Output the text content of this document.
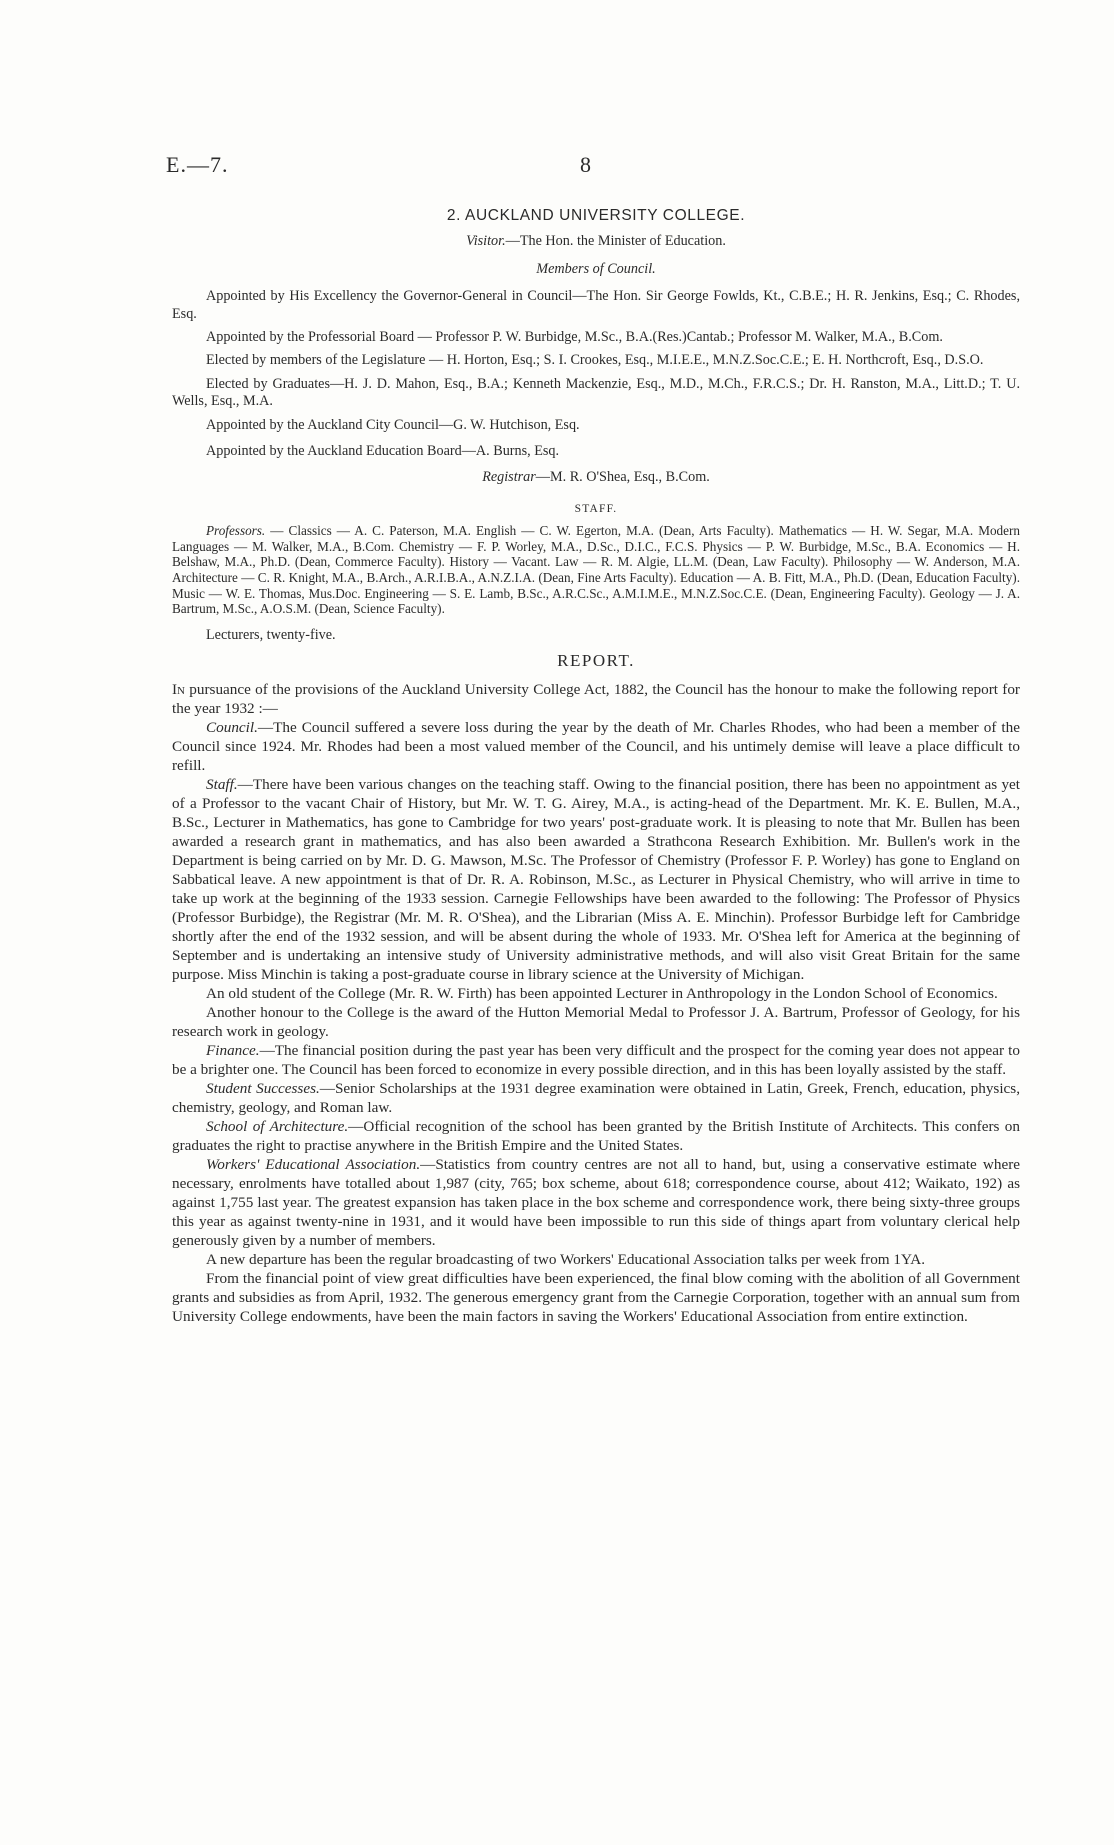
E.—7.	8
2. AUCKLAND UNIVERSITY COLLEGE.
Visitor.—The Hon. the Minister of Education.
Members of Council.

Appointed by His Excellency the Governor-General in Council—The Hon. Sir George Fowlds, Kt., C.B.E.; H. R. Jenkins, Esq.; C. Rhodes, Esq.

Appointed by the Professorial Board — Professor P. W. Burbidge, M.Sc., B.A.(Res.)Cantab.; Professor M. Walker, M.A., B.Com.

Elected by members of the Legislature — H. Horton, Esq.; S. I. Crookes, Esq., M.I.E.E., M.N.Z.Soc.C.E.; E. H. Northcroft, Esq., D.S.O.

Elected by Graduates—H. J. D. Mahon, Esq., B.A.; Kenneth Mackenzie, Esq., M.D., M.Ch., F.R.C.S.; Dr. H. Ranston, M.A., Litt.D.; T. U. Wells, Esq., M.A.

Appointed by the Auckland City Council—G. W. Hutchison, Esq.

Appointed by the Auckland Education Board—A. Burns, Esq.

Registrar—M. R. O'Shea, Esq., B.Com.
STAFF.

Professors. — Classics — A. C. Paterson, M.A. English — C. W. Egerton, M.A. (Dean, Arts Faculty). Mathematics — H. W. Segar, M.A. Modern Languages — M. Walker, M.A., B.Com. Chemistry — F. P. Worley, M.A., D.Sc., D.I.C., F.C.S. Physics — P. W. Burbidge, M.Sc., B.A. Economics — H. Belshaw, M.A., Ph.D. (Dean, Commerce Faculty). History — Vacant. Law — R. M. Algie, LL.M. (Dean, Law Faculty). Philosophy — W. Anderson, M.A. Architecture — C. R. Knight, M.A., B.Arch., A.R.I.B.A., A.N.Z.I.A. (Dean, Fine Arts Faculty). Education — A. B. Fitt, M.A., Ph.D. (Dean, Education Faculty). Music — W. E. Thomas, Mus.Doc. Engineering — S. E. Lamb, B.Sc., A.R.C.Sc., A.M.I.M.E., M.N.Z.Soc.C.E. (Dean, Engineering Faculty). Geology — J. A. Bartrum, M.Sc., A.O.S.M. (Dean, Science Faculty).

Lecturers, twenty-five.

REPORT.

In pursuance of the provisions of the Auckland University College Act, 1882, the Council has the honour to make the following report for the year 1932 :—

Council.—The Council suffered a severe loss during the year by the death of Mr. Charles Rhodes, who had been a member of the Council since 1924. Mr. Rhodes had been a most valued member of the Council, and his untimely demise will leave a place difficult to refill.

Staff.—There have been various changes on the teaching staff. Owing to the financial position, there has been no appointment as yet of a Professor to the vacant Chair of History, but Mr. W. T. G. Airey, M.A., is acting-head of the Department. Mr. K. E. Bullen, M.A., B.Sc., Lecturer in Mathematics, has gone to Cambridge for two years' post-graduate work. It is pleasing to note that Mr. Bullen has been awarded a research grant in mathematics, and has also been awarded a Strathcona Research Exhibition. Mr. Bullen's work in the Department is being carried on by Mr. D. G. Mawson, M.Sc. The Professor of Chemistry (Professor F. P. Worley) has gone to England on Sabbatical leave. A new appointment is that of Dr. R. A. Robinson, M.Sc., as Lecturer in Physical Chemistry, who will arrive in time to take up work at the beginning of the 1933 session. Carnegie Fellowships have been awarded to the following: The Professor of Physics (Professor Burbidge), the Registrar (Mr. M. R. O'Shea), and the Librarian (Miss A. E. Minchin). Professor Burbidge left for Cambridge shortly after the end of the 1932 session, and will be absent during the whole of 1933. Mr. O'Shea left for America at the beginning of September and is undertaking an intensive study of University administrative methods, and will also visit Great Britain for the same purpose. Miss Minchin is taking a post-graduate course in library science at the University of Michigan.

An old student of the College (Mr. R. W. Firth) has been appointed Lecturer in Anthropology in the London School of Economics.

Another honour to the College is the award of the Hutton Memorial Medal to Professor J. A. Bartrum, Professor of Geology, for his research work in geology.

Finance.—The financial position during the past year has been very difficult and the prospect for the coming year does not appear to be a brighter one. The Council has been forced to economize in every possible direction, and in this has been loyally assisted by the staff.

Student Successes.—Senior Scholarships at the 1931 degree examination were obtained in Latin, Greek, French, education, physics, chemistry, geology, and Roman law.

School of Architecture.—Official recognition of the school has been granted by the British Institute of Architects. This confers on graduates the right to practise anywhere in the British Empire and the United States.

Workers' Educational Association.—Statistics from country centres are not all to hand, but, using a conservative estimate where necessary, enrolments have totalled about 1,987 (city, 765; box scheme, about 618; correspondence course, about 412; Waikato, 192) as against 1,755 last year. The greatest expansion has taken place in the box scheme and correspondence work, there being sixty-three groups this year as against twenty-nine in 1931, and it would have been impossible to run this side of things apart from voluntary clerical help generously given by a number of members.

A new departure has been the regular broadcasting of two Workers' Educational Association talks per week from 1YA.

From the financial point of view great difficulties have been experienced, the final blow coming with the abolition of all Government grants and subsidies as from April, 1932. The generous emergency grant from the Carnegie Corporation, together with an annual sum from University College endowments, have been the main factors in saving the Workers' Educational Association from entire extinction.
